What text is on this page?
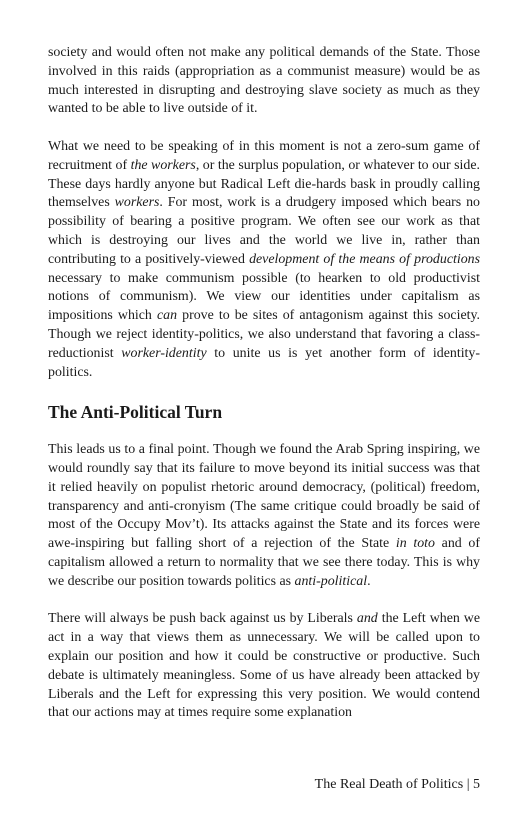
society and would often not make any political demands of the State. Those involved in this raids (appropriation as a communist measure) would be as much interested in disrupting and destroying slave society as much as they wanted to be able to live outside of it.

What we need to be speaking of in this moment is not a zero-sum game of recruitment of the workers, or the surplus population, or whatever to our side. These days hardly anyone but Radical Left die-hards bask in proudly calling themselves workers. For most, work is a drudgery imposed which bears no possibility of bearing a positive program. We often see our work as that which is destroying our lives and the world we live in, rather than contributing to a positively-viewed development of the means of productions necessary to make communism possible (to hearken to old productivist notions of communism). We view our identities under capitalism as impositions which can prove to be sites of antagonism against this society. Though we reject identity-politics, we also understand that favoring a class-reductionist worker-identity to unite us is yet another form of identity-politics.

The Anti-Political Turn

This leads us to a final point. Though we found the Arab Spring inspiring, we would roundly say that its failure to move beyond its initial success was that it relied heavily on populist rhetoric around democracy, (political) freedom, transparency and anti-cronyism (The same critique could broadly be said of most of the Occupy Mov’t). Its attacks against the State and its forces were awe-inspiring but falling short of a rejection of the State in toto and of capitalism allowed a return to normality that we see there today. This is why we describe our position towards politics as anti-political.

There will always be push back against us by Liberals and the Left when we act in a way that views them as unnecessary. We will be called upon to explain our position and how it could be constructive or productive. Such debate is ultimately meaningless. Some of us have already been attacked by Liberals and the Left for expressing this very position. We would contend that our actions may at times require some explanation

The Real Death of Politics | 5
